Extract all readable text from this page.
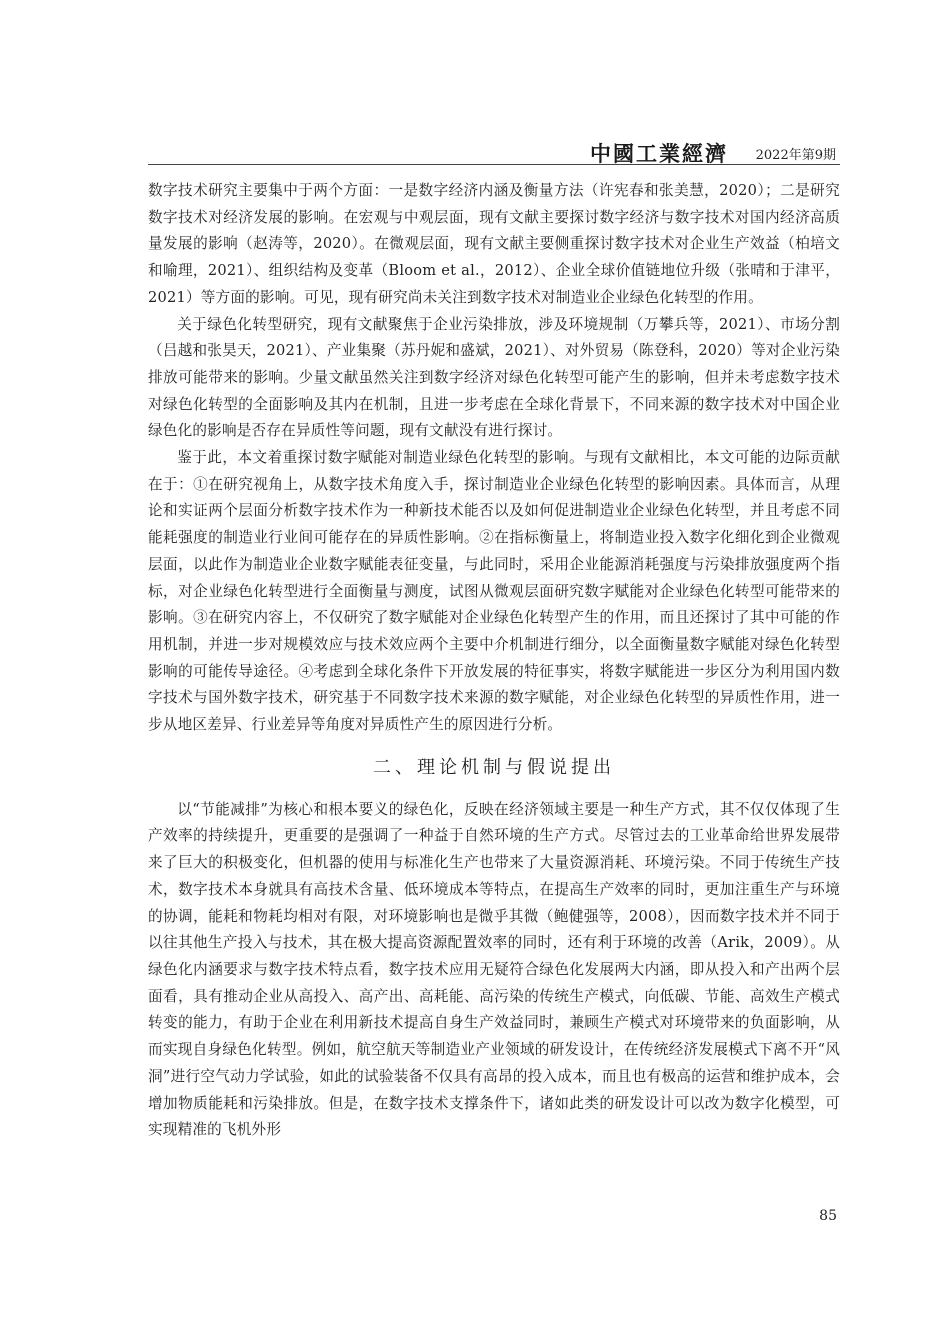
中國工業經濟 2022年第9期

数字技术研究主要集中于两个方面：一是数字经济内涵及衡量方法（许宪春和张美慧，2020）；二是研究数字技术对经济发展的影响。在宏观与中观层面，现有文献主要探讨数字经济与数字技术对国内经济高质量发展的影响（赵涛等，2020）。在微观层面，现有文献主要侧重探讨数字技术对企业生产效益（柏培文和喻理，2021）、组织结构及变革（Bloom et al.，2012）、企业全球价值链地位升级（张晴和于津平，2021）等方面的影响。可见，现有研究尚未关注到数字技术对制造业企业绿色化转型的作用。

关于绿色化转型研究，现有文献聚焦于企业污染排放，涉及环境规制（万攀兵等，2021）、市场分割（吕越和张昊天，2021）、产业集聚（苏丹妮和盛斌，2021）、对外贸易（陈登科，2020）等对企业污染排放可能带来的影响。少量文献虽然关注到数字经济对绿色化转型可能产生的影响，但并未考虑数字技术对绿色化转型的全面影响及其内在机制，且进一步考虑在全球化背景下，不同来源的数字技术对中国企业绿色化的影响是否存在异质性等问题，现有文献没有进行探讨。

鉴于此，本文着重探讨数字赋能对制造业绿色化转型的影响。与现有文献相比，本文可能的边际贡献在于：①在研究视角上，从数字技术角度入手，探讨制造业企业绿色化转型的影响因素。具体而言，从理论和实证两个层面分析数字技术作为一种新技术能否以及如何促进制造业企业绿色化转型，并且考虑不同能耗强度的制造业行业间可能存在的异质性影响。②在指标衡量上，将制造业投入数字化细化到企业微观层面，以此作为制造业企业数字赋能表征变量，与此同时，采用企业能源消耗强度与污染排放强度两个指标，对企业绿色化转型进行全面衡量与测度，试图从微观层面研究数字赋能对企业绿色化转型可能带来的影响。③在研究内容上，不仅研究了数字赋能对企业绿色化转型产生的作用，而且还探讨了其中可能的作用机制，并进一步对规模效应与技术效应两个主要中介机制进行细分，以全面衡量数字赋能对绿色化转型影响的可能传导途径。④考虑到全球化条件下开放发展的特征事实，将数字赋能进一步区分为利用国内数字技术与国外数字技术，研究基于不同数字技术来源的数字赋能，对企业绿色化转型的异质性作用，进一步从地区差异、行业差异等角度对异质性产生的原因进行分析。

二、理论机制与假说提出

以“节能减排”为核心和根本要义的绿色化，反映在经济领域主要是一种生产方式，其不仅仅体现了生产效率的持续提升，更重要的是强调了一种益于自然环境的生产方式。尽管过去的工业革命给世界发展带来了巨大的积极变化，但机器的使用与标准化生产也带来了大量资源消耗、环境污染。不同于传统生产技术，数字技术本身就具有高技术含量、低环境成本等特点，在提高生产效率的同时，更加注重生产与环境的协调，能耗和物耗均相对有限，对环境影响也是微乎其微（鲍健强等，2008），因而数字技术并不同于以往其他生产投入与技术，其在极大提高资源配置效率的同时，还有利于环境的改善（Arik，2009）。从绿色化内涵要求与数字技术特点看，数字技术应用无疑符合绿色化发展两大内涵，即从投入和产出两个层面看，具有推动企业从高投入、高产出、高耗能、高污染的传统生产模式，向低碳、节能、高效生产模式转变的能力，有助于企业在利用新技术提高自身生产效益同时，兼顾生产模式对环境带来的负面影响，从而实现自身绿色化转型。例如，航空航天等制造业产业领域的研发设计，在传统经济发展模式下离不开“风洞”进行空气动力学试验，如此的试验装备不仅具有高昂的投入成本，而且也有极高的运营和维护成本，会增加物质能耗和污染排放。但是，在数字技术支撑条件下，诸如此类的研发设计可以改为数字化模型，可实现精准的飞机外形

85
